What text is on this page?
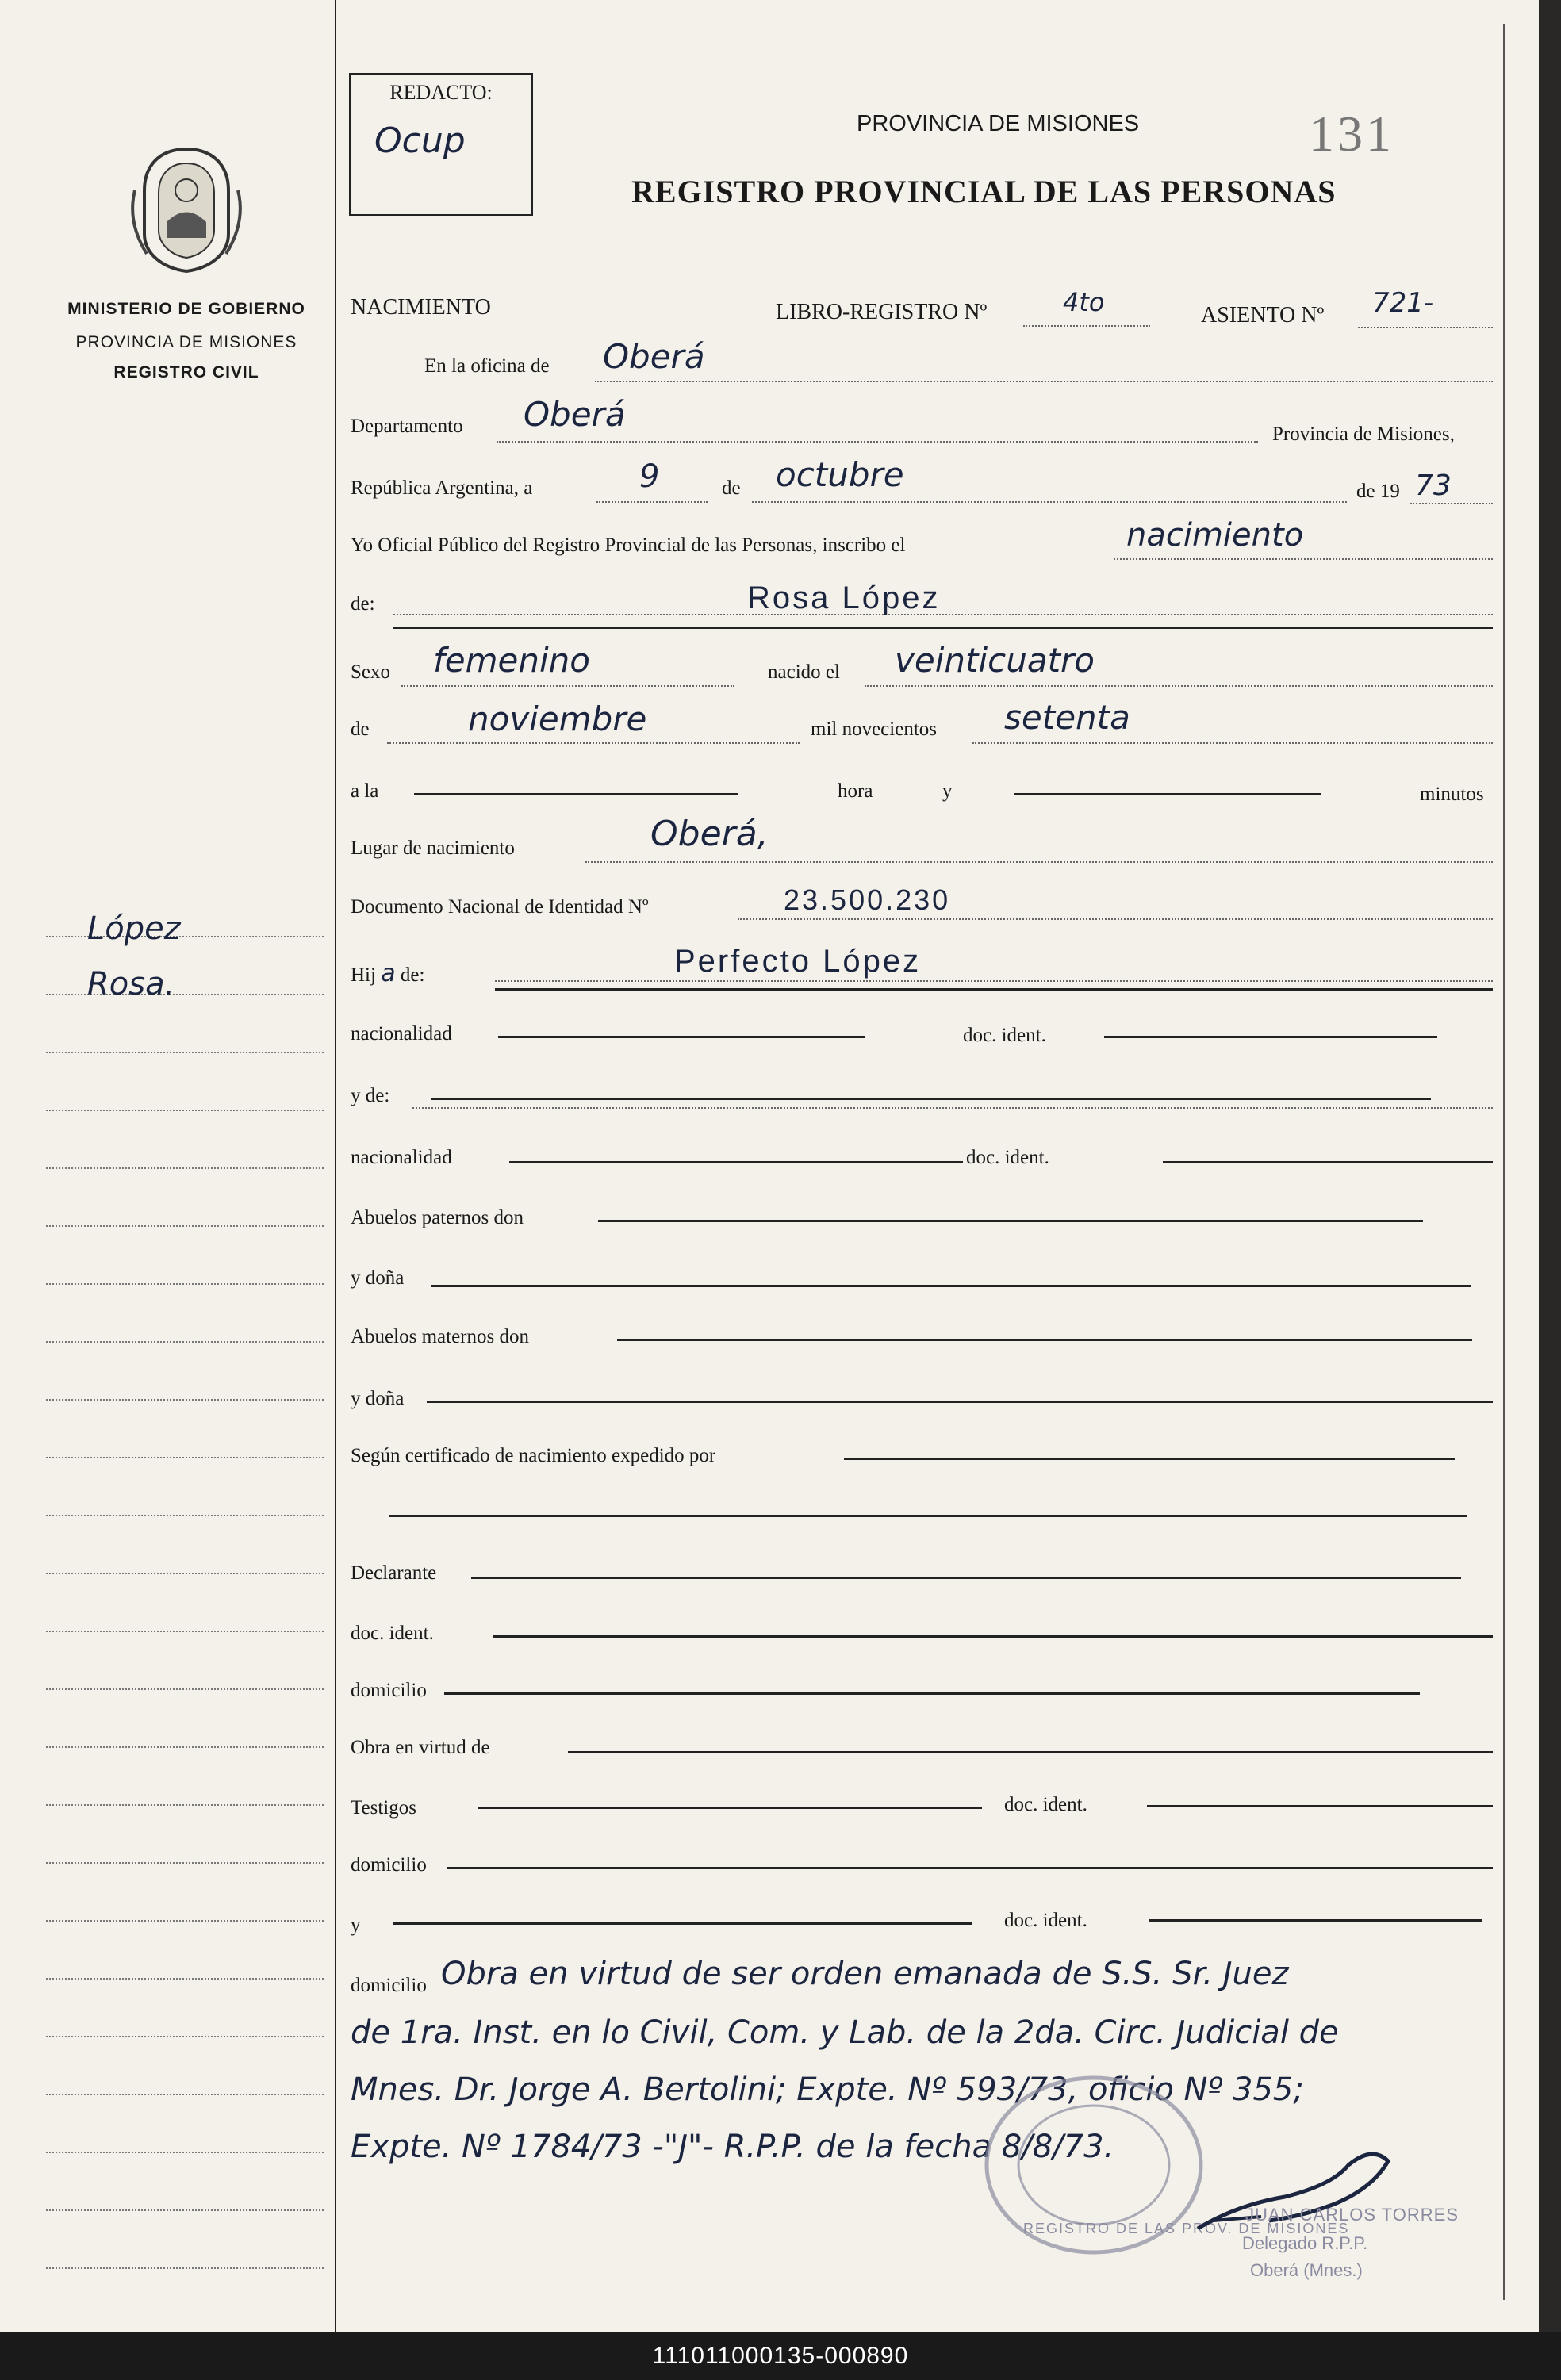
MINISTERIO DE GOBIERNO
PROVINCIA DE MISIONES
REGISTRO CIVIL
López
Rosa.
REDACTO:
Ocup	PROVINCIA DE MISIONES
REGISTRO PROVINCIAL DE LAS PERSONAS
131
NACIMIENTO	LIBRO-REGISTRO Nº	4to	ASIENTO Nº 721-
En la oficina de Oberá
Departamento Oberá
Provincia de Misiones,
República Argentina, a	9	de octubre	de 19 73
Yo Oficial Público del Registro Provincial de las Personas, inscribo el	nacimiento
de:	Rosa López
Sexo femenino	nacido el veinticuatro
de	noviembre	mil novecientos setenta
a la	hora	y	minutos
Lugar de nacimiento	Oberá,
Documento Nacional de Identidad Nº	23.500.230
Hij a de:	Perfecto López
nacionalidad	doc. ident.
y de:
nacionalidad	doc. ident.
Abuelos paternos don
y doña
Abuelos maternos don
y doña
Según certificado de nacimiento expedido por
Declarante
doc. ident.
domicilio
Obra en virtud de
Testigos	doc. ident.
domicilio
y	doc. ident.
domicilio Obra en virtud de ser orden emanada de S.S. Sr. Juez
de 1ra. Inst. en lo Civil, Com. y Lab. de la 2da. Circ. Judicial de
Mnes. Dr. Jorge A. Bertolini; Expte. Nº 593/73, oficio Nº 355;
Expte. Nº 1784/73 -"J"- R.P.P. de la fecha 8/8/73.
REGISTRO DE LAS PROV. DE MISIONES
JUAN CARLOS TORRES
Delegado R.P.P.
Oberá (Mnes.)
111011000135-000890
